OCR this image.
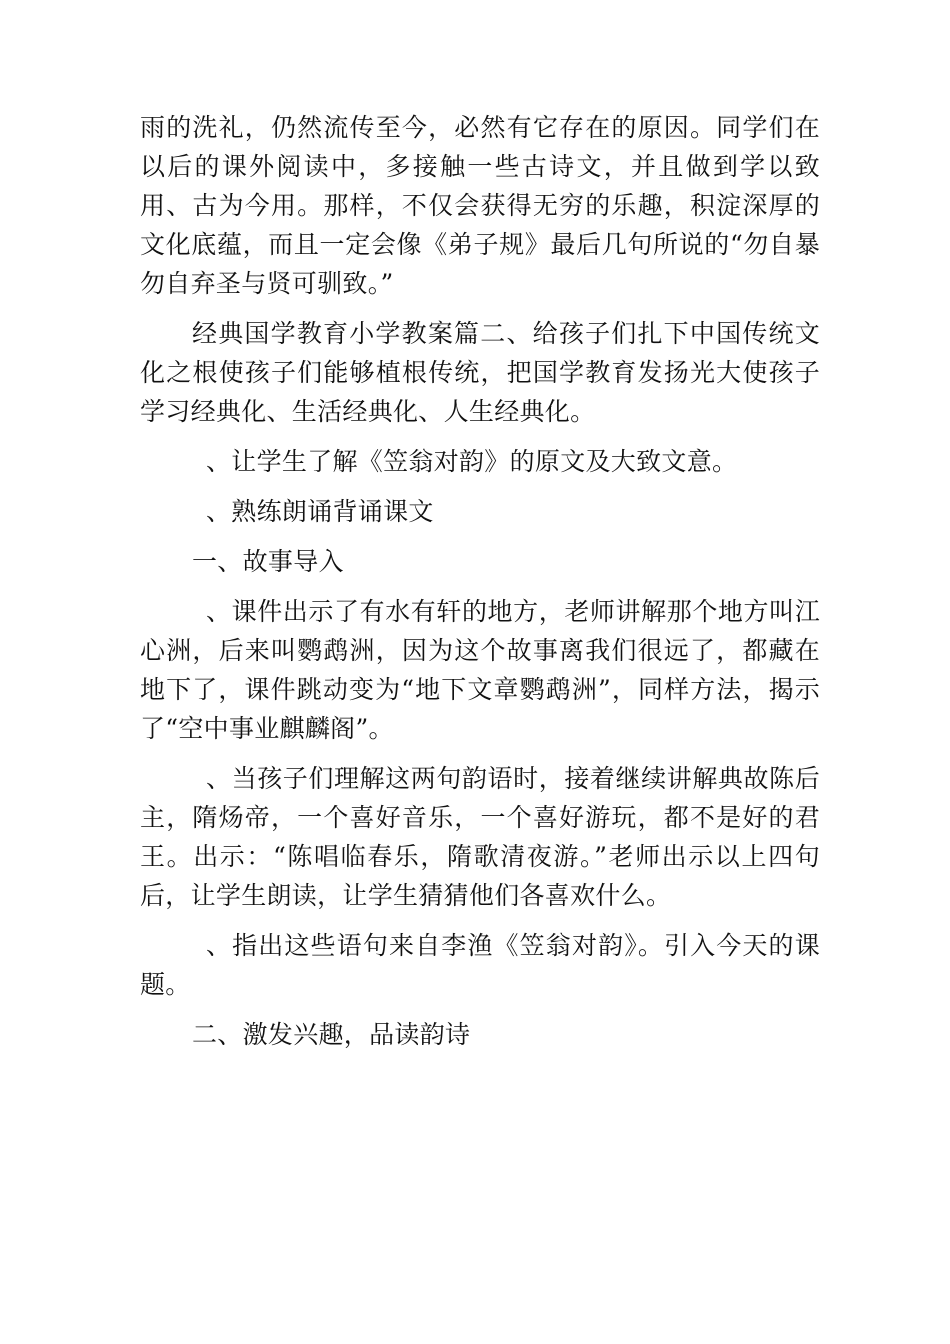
雨的洗礼，仍然流传至今，必然有它存在的原因。同学们在以后的课外阅读中，多接触一些古诗文，并且做到学以致用、古为今用。那样，不仅会获得无穷的乐趣，积淀深厚的文化底蕴，而且一定会像《弟子规》最后几句所说的“勿自暴勿自弃圣与贤可驯致。”

经典国学教育小学教案篇二、给孩子们扎下中国传统文化之根使孩子们能够植根传统，把国学教育发扬光大使孩子学习经典化、生活经典化、人生经典化。

、让学生了解《笠翁对韵》的原文及大致文意。

、熟练朗诵背诵课文

一、故事导入

、课件出示了有水有轩的地方，老师讲解那个地方叫江心洲，后来叫鹦鹉洲，因为这个故事离我们很远了，都藏在地下了，课件跳动变为“地下文章鹦鹉洲”，同样方法，揭示了“空中事业麒麟阁”。

、当孩子们理解这两句韵语时，接着继续讲解典故陈后主，隋炀帝，一个喜好音乐，一个喜好游玩，都不是好的君王。出示：“陈唱临春乐，隋歌清夜游。”老师出示以上四句后，让学生朗读，让学生猜猜他们各喜欢什么。

、指出这些语句来自李渔《笠翁对韵》。引入今天的课题。

二、激发兴趣，品读韵诗
